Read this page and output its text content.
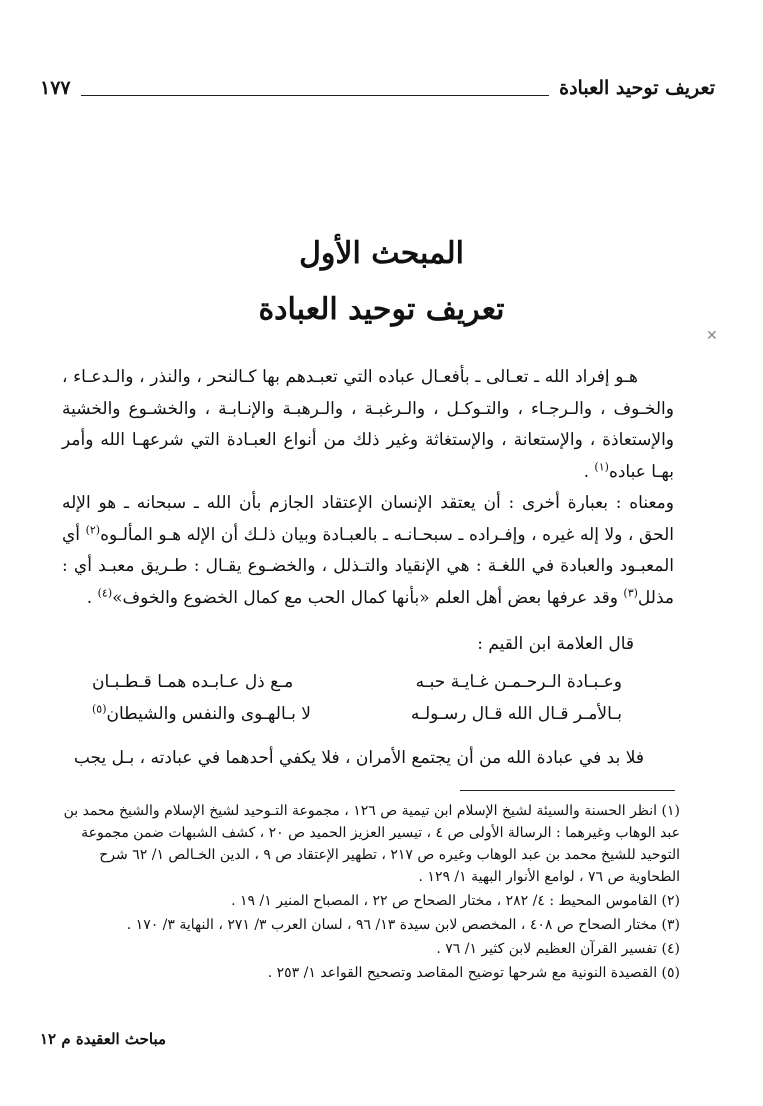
تعريف توحيد العبادة
١٧٧
✕
المبحث الأول
تعريف توحيد العبادة

هـو إفراد الله ـ تعـالى ـ بأفعـال عباده التي تعبـدهم بها كـالنحر ، والنذر ، والـدعـاء ، والخـوف ، والـرجـاء ، والتـوكـل ، والـرغبـة ، والـرهبـة والإنـابـة ، والخشـوع والخشية والإستعاذة ، والإستعانة ، والإستغاثة وغير ذلك من أنواع العبـادة التي شرعهـا الله وأمر بهـا عباده$^{(١)}$ .

ومعناه : بعبارة أخرى : أن يعتقد الإنسان الإعتقاد الجازم بأن الله ـ سبحانه ـ هو الإله الحق ، ولا إله غيره ، وإفـراده ـ سبحـانـه ـ بالعبـادة وبيان ذلـك أن الإله هـو المألـوه$^{(٢)}$ أي المعبـود والعبادة في اللغـة : هي الإنقياد والتـذلل ، والخضـوع يقـال : طـريق معبـد أي : مذلل$^{(٣)}$ وقد عرفها بعض أهل العلم «بأنها كمال الحب مع كمال الخضوع والخوف»$^{(٤)}$ .

قال العلامة ابن القيم :
وعـبـادة الـرحـمـن غـايـة حبـه
مـع ذل عـابـده همـا قـطـبـان
بـالأمـر قـال الله قـال رسـولـه
لا بـالهـوى والنفس والشيطان$^{(٥)}$
فلا بد في عبادة الله من أن يجتمع الأمران ، فلا يكفي أحدهما في عبادته ، بـل يجب

(١) انظر الحسنة والسيئة لشيخ الإسلام ابن تيمية ص ١٢٦ ، مجموعة التـوحيد لشيخ الإسلام والشيخ محمد بن عبد الوهاب وغيرهما : الرسالة الأولى ص ٤ ، تيسير العزيز الحميد ص ٢٠ ، كشف الشبهات ضمن مجموعة التوحيد للشيخ محمد بن عبد الوهاب وغيره ص ٢١٧ ، تطهير الإعتقاد ص ٩ ، الدين الخـالص ١/ ٦٢ شرح الطحاوية ص ٧٦ ، لوامع الأنوار البهية ١/ ١٢٩ .

(٢) القاموس المحيط : ٤/ ٢٨٢ ، مختار الصحاح ص ٢٢ ، المصباح المنير ١/ ١٩ .

(٣) مختار الصحاح ص ٤٠٨ ، المخصص لابن سيدة ١٣/ ٩٦ ، لسان العرب ٣/ ٢٧١ ، النهاية ٣/ ١٧٠ .

(٤) تفسير القرآن العظيم لابن كثير ١/ ٧٦ .

(٥) القصيدة النونية مع شرحها توضيح المقاصد وتصحيح القواعد ١/ ٢٥٣ .

مباحث العقيدة م ١٢
